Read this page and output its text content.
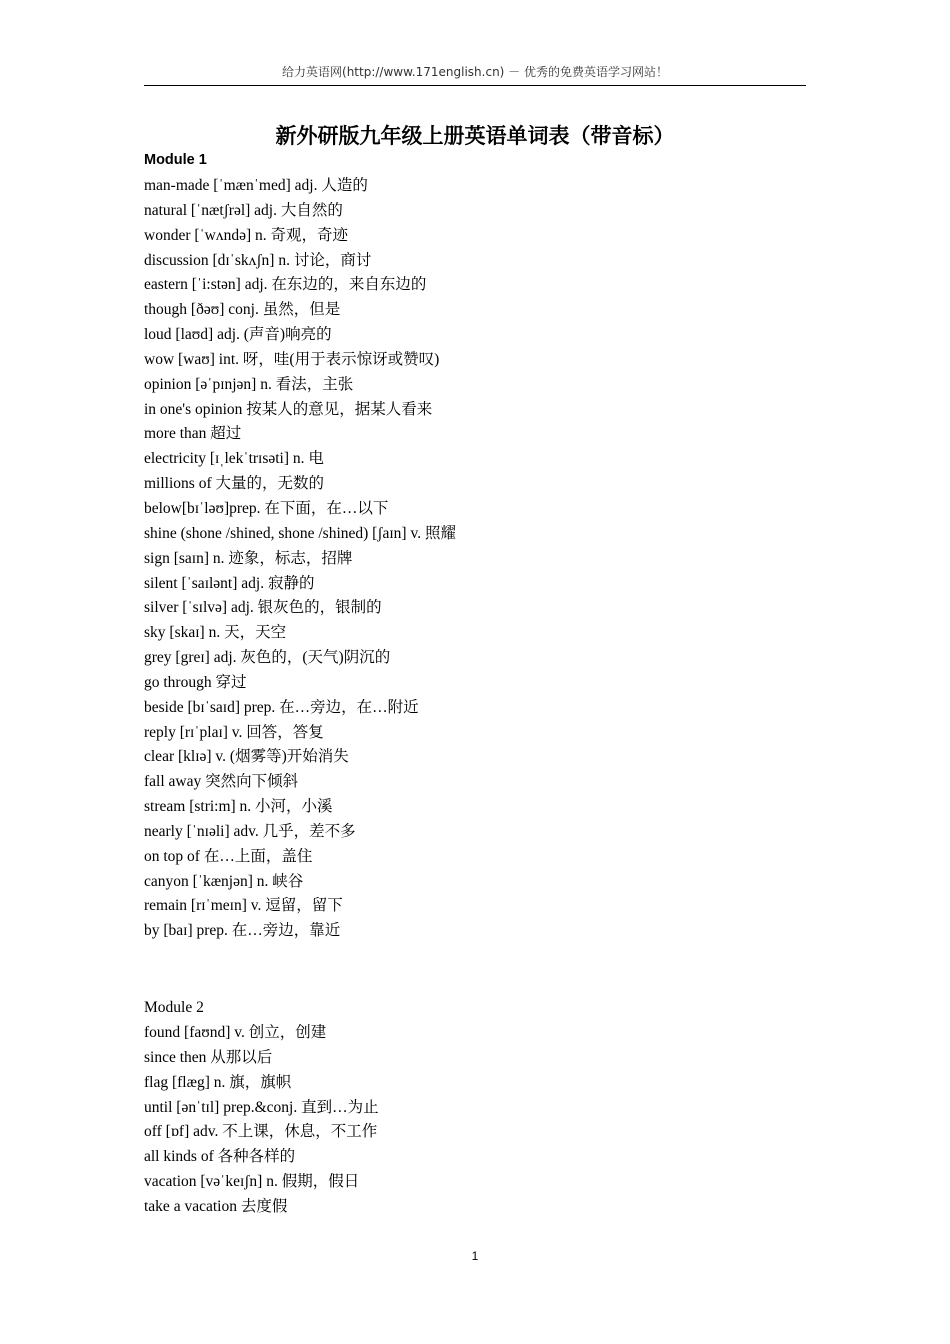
给力英语网(http://www.171english.cn) － 优秀的免费英语学习网站！
新外研版九年级上册英语单词表（带音标）
Module 1
man-made [ˈmænˈmed] adj. 人造的
natural [ˈnætʃrəl] adj. 大自然的
wonder [ˈwʌndə] n. 奇观，奇迹
discussion [dɪˈskʌʃn] n. 讨论，商讨
eastern [ˈi:stən] adj. 在东边的，来自东边的
though [ðəʊ] conj. 虽然，但是
loud [laʊd] adj. (声音)响亮的
wow [waʊ] int. 呀，哇(用于表示惊讶或赞叹)
opinion [əˈpɪnjən] n. 看法，主张
in one's opinion 按某人的意见，据某人看来
more than 超过
electricity [ɪˌlekˈtrɪsəti] n. 电
millions of 大量的，无数的
below[bɪˈləʊ]prep. 在下面，在…以下
shine (shone /shined, shone /shined) [ʃaɪn] v. 照耀
sign [saɪn] n. 迹象，标志，招牌
silent [ˈsaɪlənt] adj. 寂静的
silver [ˈsɪlvə] adj. 银灰色的，银制的
sky [skaɪ] n. 天，天空
grey [greɪ] adj. 灰色的，(天气)阴沉的
go through 穿过
beside [bɪˈsaɪd] prep. 在…旁边，在…附近
reply [rɪˈplaɪ] v. 回答，答复
clear [klɪə] v. (烟雾等)开始消失
fall away 突然向下倾斜
stream [stri:m] n. 小河，小溪
nearly [ˈnɪəli] adv. 几乎，差不多
on top of 在…上面，盖住
canyon [ˈkænjən] n. 峡谷
remain [rɪˈmeɪn] v. 逗留，留下
by [baɪ] prep. 在…旁边，靠近
Module 2
found [faʊnd] v. 创立，创建
since then 从那以后
flag [flæg] n. 旗，旗帜
until [ənˈtɪl] prep.&conj. 直到…为止
off [ɒf] adv. 不上课，休息，不工作
all kinds of 各种各样的
vacation [vəˈkeɪʃn] n. 假期，假日
take a vacation 去度假
1
